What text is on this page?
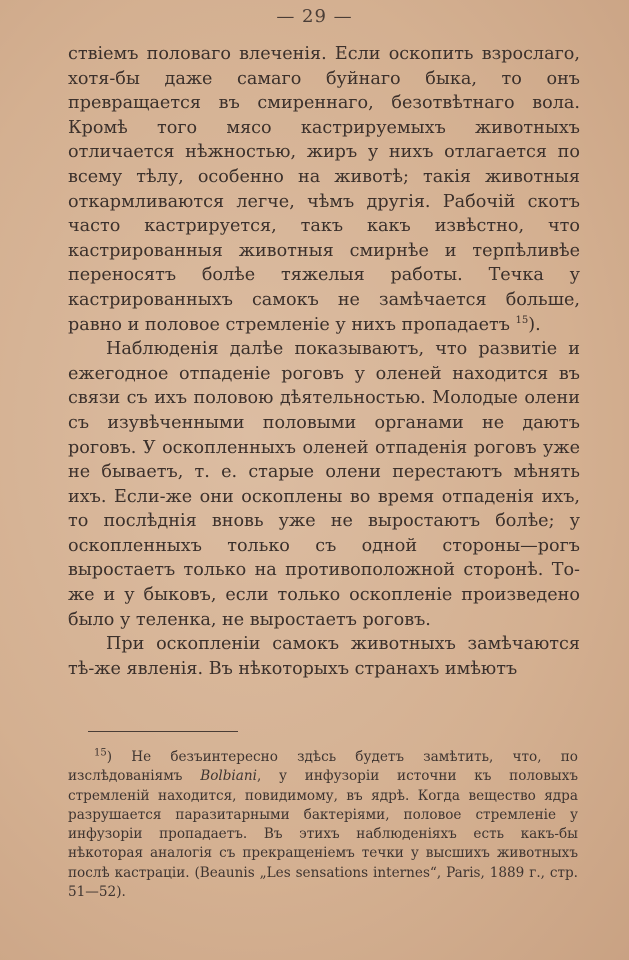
— 29 —

ствіемъ половаго влеченія. Если оскопить взрослаго, хотя-бы даже самаго буйнаго быка, то онъ превращается въ смиреннаго, безотвѣтнаго вола. Кромѣ того мясо кастрируемыхъ животныхъ отличается нѣжностью, жиръ у нихъ отлагается по всему тѣлу, особенно на животѣ; такія животныя откармливаются легче, чѣмъ другія. Рабочій скотъ часто кастрируется, такъ какъ извѣстно, что кастрированныя животныя смирнѣе и терпѣливѣе переносятъ болѣе тяжелыя работы. Течка у кастрированныхъ самокъ не замѣчается больше, равно и половое стремленіе у нихъ пропадаетъ $^{15}$).

Наблюденія далѣе показываютъ, что развитіе и ежегодное отпаденіе роговъ у оленей находится въ связи съ ихъ половою дѣятельностью. Молодые олени съ изувѣченными половыми органами не даютъ роговъ. У оскопленныхъ оленей отпаденія роговъ уже не бываетъ, т. е. старые олени перестаютъ мѣнять ихъ. Если-же они оскоплены во время отпаденія ихъ, то послѣднія вновь уже не выростаютъ болѣе; у оскопленныхъ только съ одной стороны—рогъ выростаетъ только на противоположной сторонѣ. То-же и у быковъ, если только оскопленіе произведено было у теленка, не выростаетъ роговъ.

При оскопленіи самокъ животныхъ замѣчаются тѣ-же явленія. Въ нѣкоторыхъ странахъ имѣютъ

$^{15}$) Не безъинтересно здѣсь будетъ замѣтить, что, по изслѣдованіямъ Bolbiani, у инфузоріи источни къ половыхъ стремленій находится, повидимому, въ ядрѣ. Когда вещество ядра разрушается паразитарными бактеріями, половое стремленіе у инфузоріи пропадаетъ. Въ этихъ наблюденіяхъ есть какъ-бы нѣкоторая аналогія съ прекращеніемъ течки у высшихъ животныхъ послѣ кастраціи. (Beaunis „Les sensations internes“, Paris, 1889 г., стр. 51—52).
